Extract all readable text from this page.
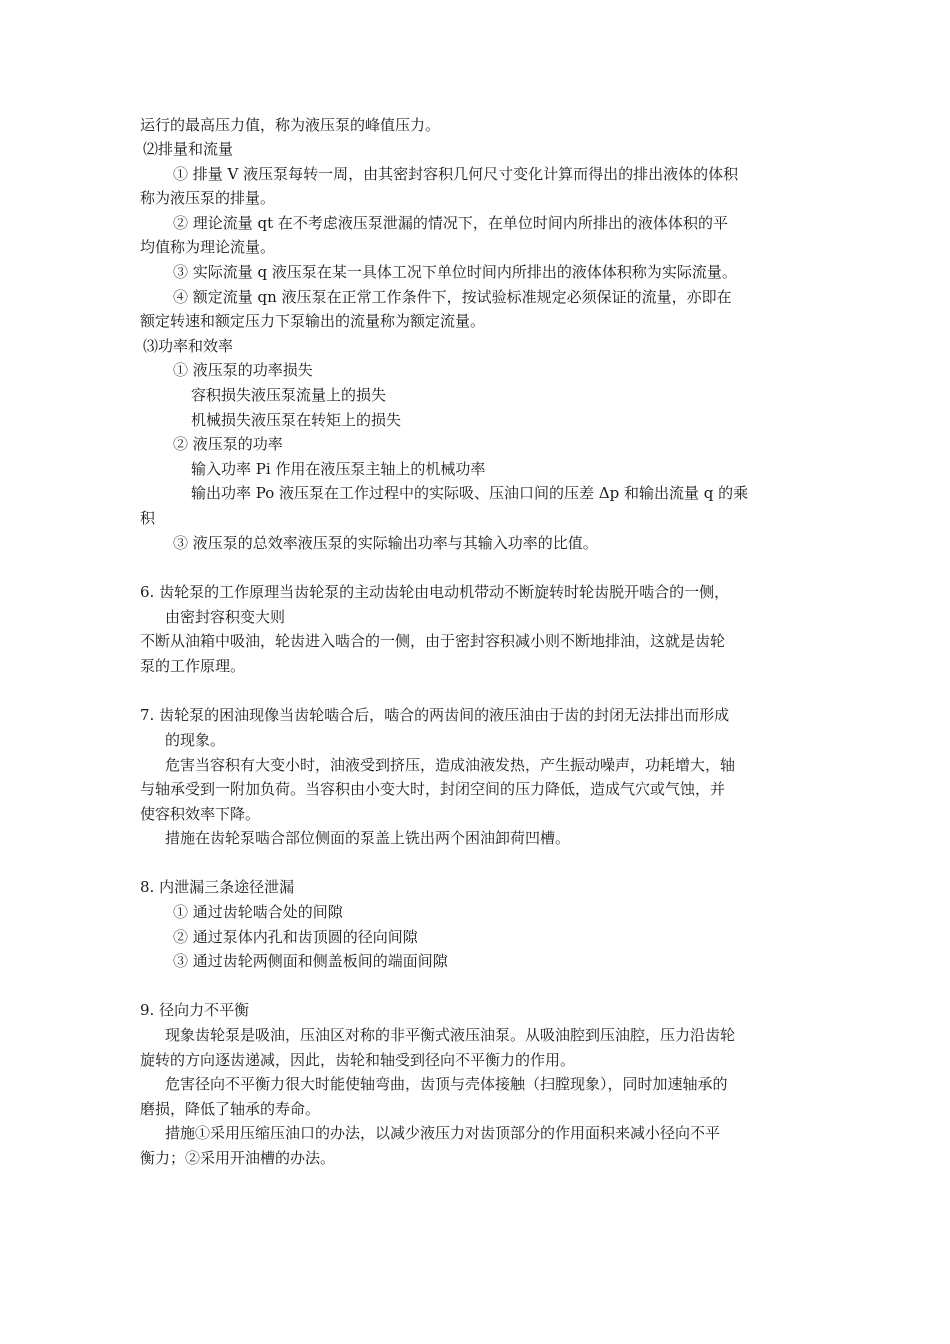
运行的最高压力值，称为液压泵的峰值压力。
⑵排量和流量
① 排量 V 液压泵每转一周，由其密封容积几何尺寸变化计算而得出的排出液体的体积
称为液压泵的排量。
② 理论流量 qt 在不考虑液压泵泄漏的情况下，在单位时间内所排出的液体体积的平
均值称为理论流量。
③ 实际流量 q 液压泵在某一具体工况下单位时间内所排出的液体体积称为实际流量。
④ 额定流量 qn 液压泵在正常工作条件下，按试验标准规定必须保证的流量，亦即在
额定转速和额定压力下泵输出的流量称为额定流量。
⑶功率和效率
① 液压泵的功率损失
容积损失液压泵流量上的损失
机械损失液压泵在转矩上的损失
② 液压泵的功率
输入功率 Pi 作用在液压泵主轴上的机械功率
输出功率 Po 液压泵在工作过程中的实际吸、压油口间的压差 Δp 和输出流量 q 的乘
积
③ 液压泵的总效率液压泵的实际输出功率与其输入功率的比值。
6. 齿轮泵的工作原理当齿轮泵的主动齿轮由电动机带动不断旋转时轮齿脱开啮合的一侧，
由密封容积变大则
不断从油箱中吸油，轮齿进入啮合的一侧，由于密封容积减小则不断地排油，这就是齿轮
泵的工作原理。
7. 齿轮泵的困油现像当齿轮啮合后，啮合的两齿间的液压油由于齿的封闭无法排出而形成
的现象。
危害当容积有大变小时，油液受到挤压，造成油液发热，产生振动噪声，功耗增大，轴
与轴承受到一附加负荷。当容积由小变大时，封闭空间的压力降低，造成气穴或气蚀，并
使容积效率下降。
措施在齿轮泵啮合部位侧面的泵盖上铣出两个困油卸荷凹槽。
8. 内泄漏三条途径泄漏
① 通过齿轮啮合处的间隙
② 通过泵体内孔和齿顶圆的径向间隙
③ 通过齿轮两侧面和侧盖板间的端面间隙
9. 径向力不平衡
现象齿轮泵是吸油，压油区对称的非平衡式液压油泵。从吸油腔到压油腔，压力沿齿轮
旋转的方向逐齿递减，因此，齿轮和轴受到径向不平衡力的作用。
危害径向不平衡力很大时能使轴弯曲，齿顶与壳体接触（扫膛现象），同时加速轴承的
磨损，降低了轴承的寿命。
措施①采用压缩压油口的办法，以减少液压力对齿顶部分的作用面积来减小径向不平
衡力；②采用开油槽的办法。
